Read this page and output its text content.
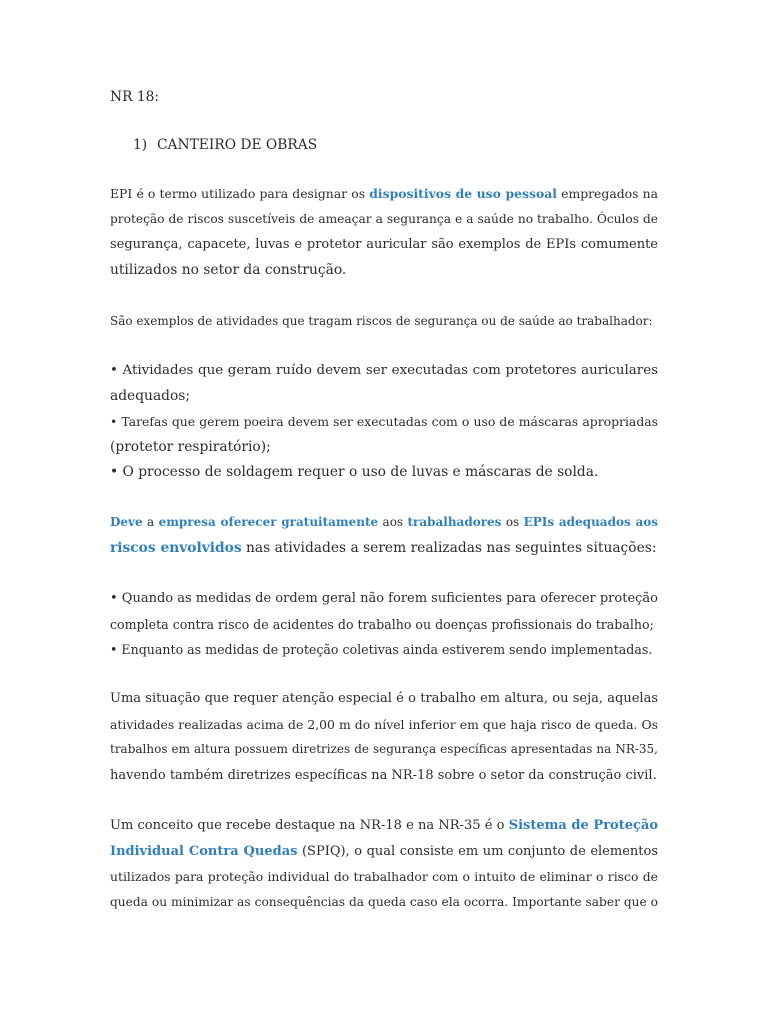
NR 18:
1) CANTEIRO DE OBRAS
EPI é o termo utilizado para designar os dispositivos de uso pessoal empregados na
proteção de riscos suscetíveis de ameaçar a segurança e a saúde no trabalho. Óculos de
segurança, capacete, luvas e protetor auricular são exemplos de EPIs comumente
utilizados no setor da construção.
São exemplos de atividades que tragam riscos de segurança ou de saúde ao trabalhador:
• Atividades que geram ruído devem ser executadas com protetores auriculares
adequados;
• Tarefas que gerem poeira devem ser executadas com o uso de máscaras apropriadas
(protetor respiratório);
• O processo de soldagem requer o uso de luvas e máscaras de solda.
Deve a empresa oferecer gratuitamente aos trabalhadores os EPIs adequados aos
riscos envolvidos nas atividades a serem realizadas nas seguintes situações:
• Quando as medidas de ordem geral não forem suficientes para oferecer proteção
completa contra risco de acidentes do trabalho ou doenças profissionais do trabalho;
• Enquanto as medidas de proteção coletivas ainda estiverem sendo implementadas.
Uma situação que requer atenção especial é o trabalho em altura, ou seja, aquelas
atividades realizadas acima de 2,00 m do nível inferior em que haja risco de queda. Os
trabalhos em altura possuem diretrizes de segurança específicas apresentadas na NR-35,
havendo também diretrizes específicas na NR-18 sobre o setor da construção civil.
Um conceito que recebe destaque na NR-18 e na NR-35 é o Sistema de Proteção
Individual Contra Quedas (SPIQ), o qual consiste em um conjunto de elementos
utilizados para proteção individual do trabalhador com o intuito de eliminar o risco de
queda ou minimizar as consequências da queda caso ela ocorra. Importante saber que o
